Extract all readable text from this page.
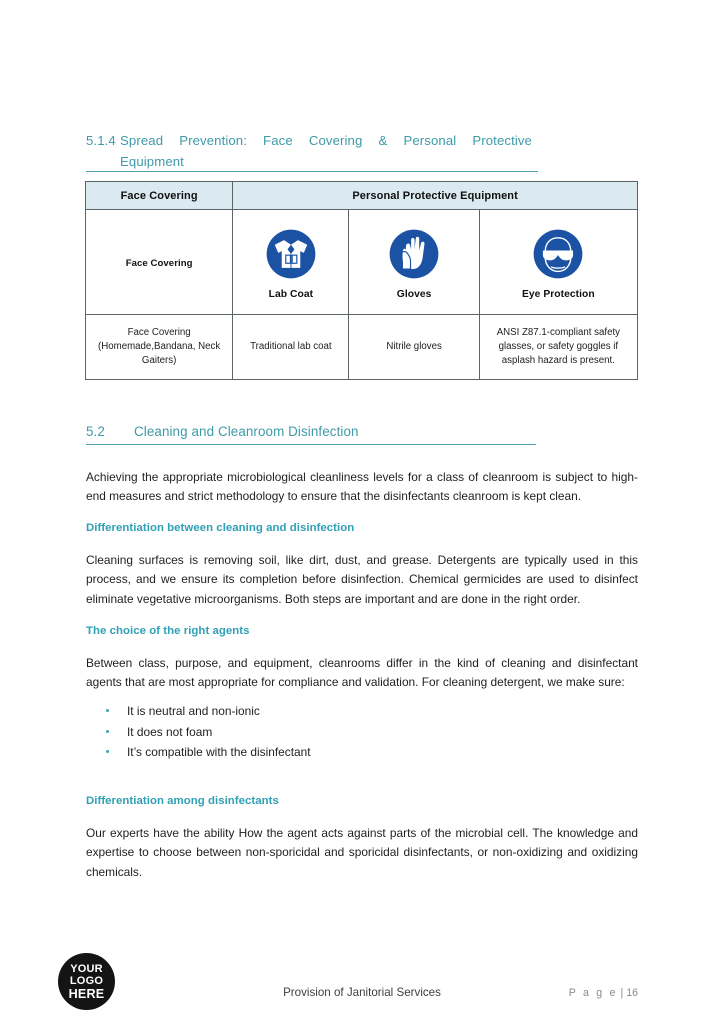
5.1.4 Spread Prevention: Face Covering & Personal Protective
Equipment
Face Covering	Personal Protective Equipment		
Face Covering	Lab Coat	Gloves	Eye Protection

Face Covering (Homemade,Bandana, Neck Gaiters)	Traditional lab coat	Nitrile gloves	ANSI Z87.1-compliant safety glasses, or safety goggles if asplash hazard is present.
5.2 Cleaning and Cleanroom Disinfection

Achieving the appropriate microbiological cleanliness levels for a class of cleanroom is subject to high-end measures and strict methodology to ensure that the disinfectants cleanroom is kept clean.

Differentiation between cleaning and disinfection

Cleaning surfaces is removing soil, like dirt, dust, and grease. Detergents are typically used in this process, and we ensure its completion before disinfection. Chemical germicides are used to disinfect eliminate vegetative microorganisms. Both steps are important and are done in the right order.

The choice of the right agents

Between class, purpose, and equipment, cleanrooms differ in the kind of cleaning and disinfectant agents that are most appropriate for compliance and validation. For cleaning detergent, we make sure:

It is neutral and non-ionic
It does not foam
It’s compatible with the disinfectant
Differentiation among disinfectants

Our experts have the ability How the agent acts against parts of the microbial cell. The knowledge and expertise to choose between non-sporicidal and sporicidal disinfectants, or non-oxidizing and oxidizing chemicals.

YOUR
LOGO
HERE	Provision of Janitorial Services	P a g e | 16
